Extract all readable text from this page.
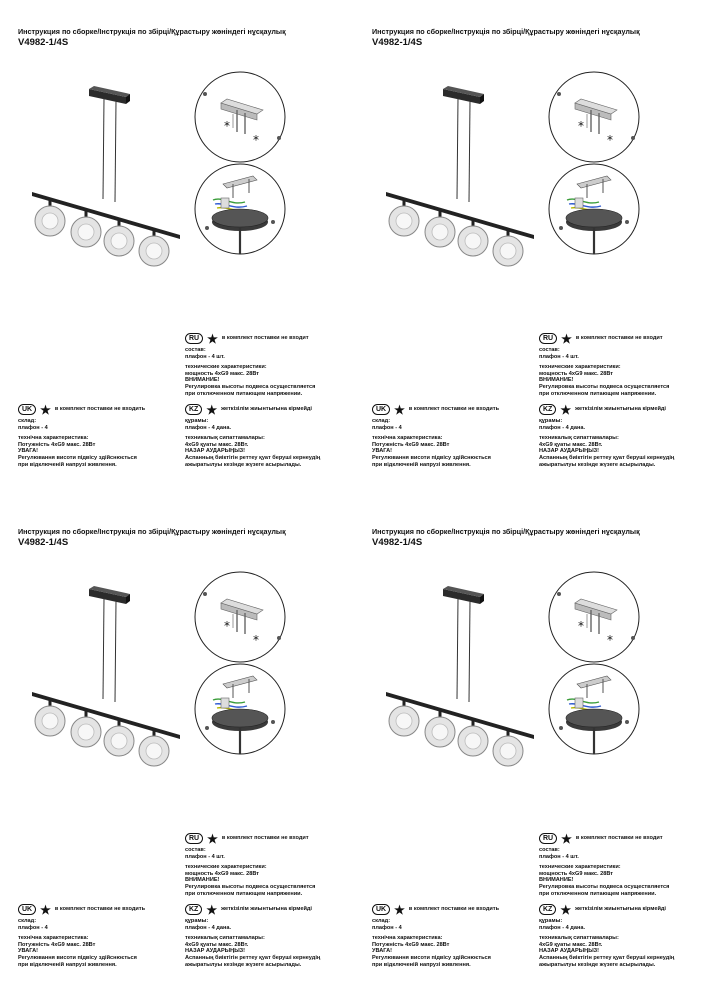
Инструкция по сборке/Інструкція по збірці/Құрастыру жөніндегі нұсқаулық
V4982-1/4S
*
*
RU ★ в комплект поставки не входит
состав:
плафон - 4 шт.
технические характеристики:
мощность 4хG9 макс. 28Вт
ВНИМАНИЕ!
Регулировка высоты подвеса осуществляется
при отключенном питающем напряжении.
UK ★ в комплект поставки не входить
склад:
плафон - 4
технічна характеристика:
Потужність 4хG9 макс. 28Вт
УВАГА!
Регулювання висоти підвісу здійснюється
при відключеній напрузі живлення.
KZ ★ жеткізілім жиынтығына кірмейді
құрамы:
плафон - 4 дана.
техникалық сипаттамалары:
4хG9 қуаты макс. 28Вт.
НАЗАР АУДАРЫҢЫЗ!
Аспанның биіктігін реттеу қуат беруші кернеудің
ажыратылуы кезінде жүзеге асырылады.
Инструкция по сборке/Інструкція по збірці/Құрастыру жөніндегі нұсқаулық
V4982-1/4S
*
*
RU ★ в комплект поставки не входит
состав:
плафон - 4 шт.
технические характеристики:
мощность 4хG9 макс. 28Вт
ВНИМАНИЕ!
Регулировка высоты подвеса осуществляется
при отключенном питающем напряжении.
UK ★ в комплект поставки не входить
склад:
плафон - 4
технічна характеристика:
Потужність 4хG9 макс. 28Вт
УВАГА!
Регулювання висоти підвісу здійснюється
при відключеній напрузі живлення.
KZ ★ жеткізілім жиынтығына кірмейді
құрамы:
плафон - 4 дана.
техникалық сипаттамалары:
4хG9 қуаты макс. 28Вт.
НАЗАР АУДАРЫҢЫЗ!
Аспанның биіктігін реттеу қуат беруші кернеудің
ажыратылуы кезінде жүзеге асырылады.
Инструкция по сборке/Інструкція по збірці/Құрастыру жөніндегі нұсқаулық
V4982-1/4S
*
*
RU ★ в комплект поставки не входит
состав:
плафон - 4 шт.
технические характеристики:
мощность 4хG9 макс. 28Вт
ВНИМАНИЕ!
Регулировка высоты подвеса осуществляется
при отключенном питающем напряжении.
UK ★ в комплект поставки не входить
склад:
плафон - 4
технічна характеристика:
Потужність 4хG9 макс. 28Вт
УВАГА!
Регулювання висоти підвісу здійснюється
при відключеній напрузі живлення.
KZ ★ жеткізілім жиынтығына кірмейді
құрамы:
плафон - 4 дана.
техникалық сипаттамалары:
4хG9 қуаты макс. 28Вт.
НАЗАР АУДАРЫҢЫЗ!
Аспанның биіктігін реттеу қуат беруші кернеудің
ажыратылуы кезінде жүзеге асырылады.
Инструкция по сборке/Інструкція по збірці/Құрастыру жөніндегі нұсқаулық
V4982-1/4S
*
*
RU ★ в комплект поставки не входит
состав:
плафон - 4 шт.
технические характеристики:
мощность 4хG9 макс. 28Вт
ВНИМАНИЕ!
Регулировка высоты подвеса осуществляется
при отключенном питающем напряжении.
UK ★ в комплект поставки не входить
склад:
плафон - 4
технічна характеристика:
Потужність 4хG9 макс. 28Вт
УВАГА!
Регулювання висоти підвісу здійснюється
при відключеній напрузі живлення.
KZ ★ жеткізілім жиынтығына кірмейді
құрамы:
плафон - 4 дана.
техникалық сипаттамалары:
4хG9 қуаты макс. 28Вт.
НАЗАР АУДАРЫҢЫЗ!
Аспанның биіктігін реттеу қуат беруші кернеудің
ажыратылуы кезінде жүзеге асырылады.
